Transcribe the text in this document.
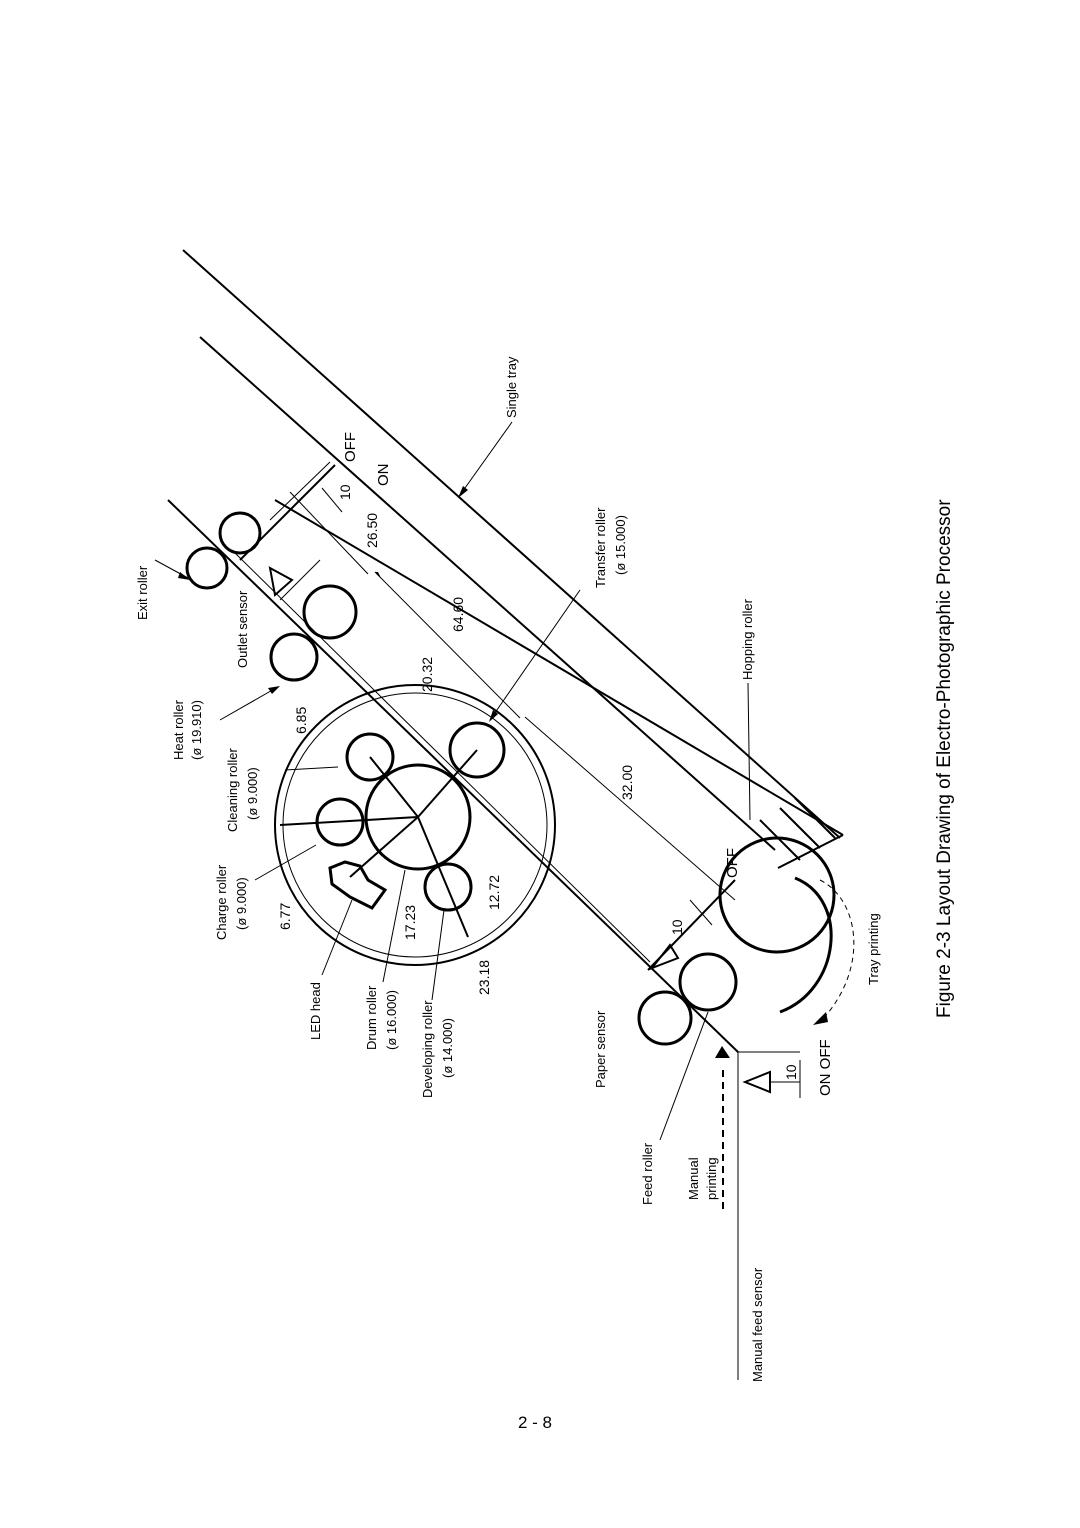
Single tray
Exit roller	Outlet sensor
Heat roller (ø 19.910)
10
26.50
64.60
OFF
ON
6.85
Cleaning roller (ø 9.000)
Charge roller (ø 9.000) 6.77
LED head	Drum roller (ø 16.000)
17.23
Developing roller (ø 14.000)
23.18
12.72
20.32
Transfer roller (ø 15.000)
32.00
Hopping roller
Tray printing
10
OFF
Paper sensor
Feed roller Manual printing
Manual feed sensor
10 ON OFF
Figure 2-3 Layout Drawing of Electro-Photographic Processor
2 - 8
